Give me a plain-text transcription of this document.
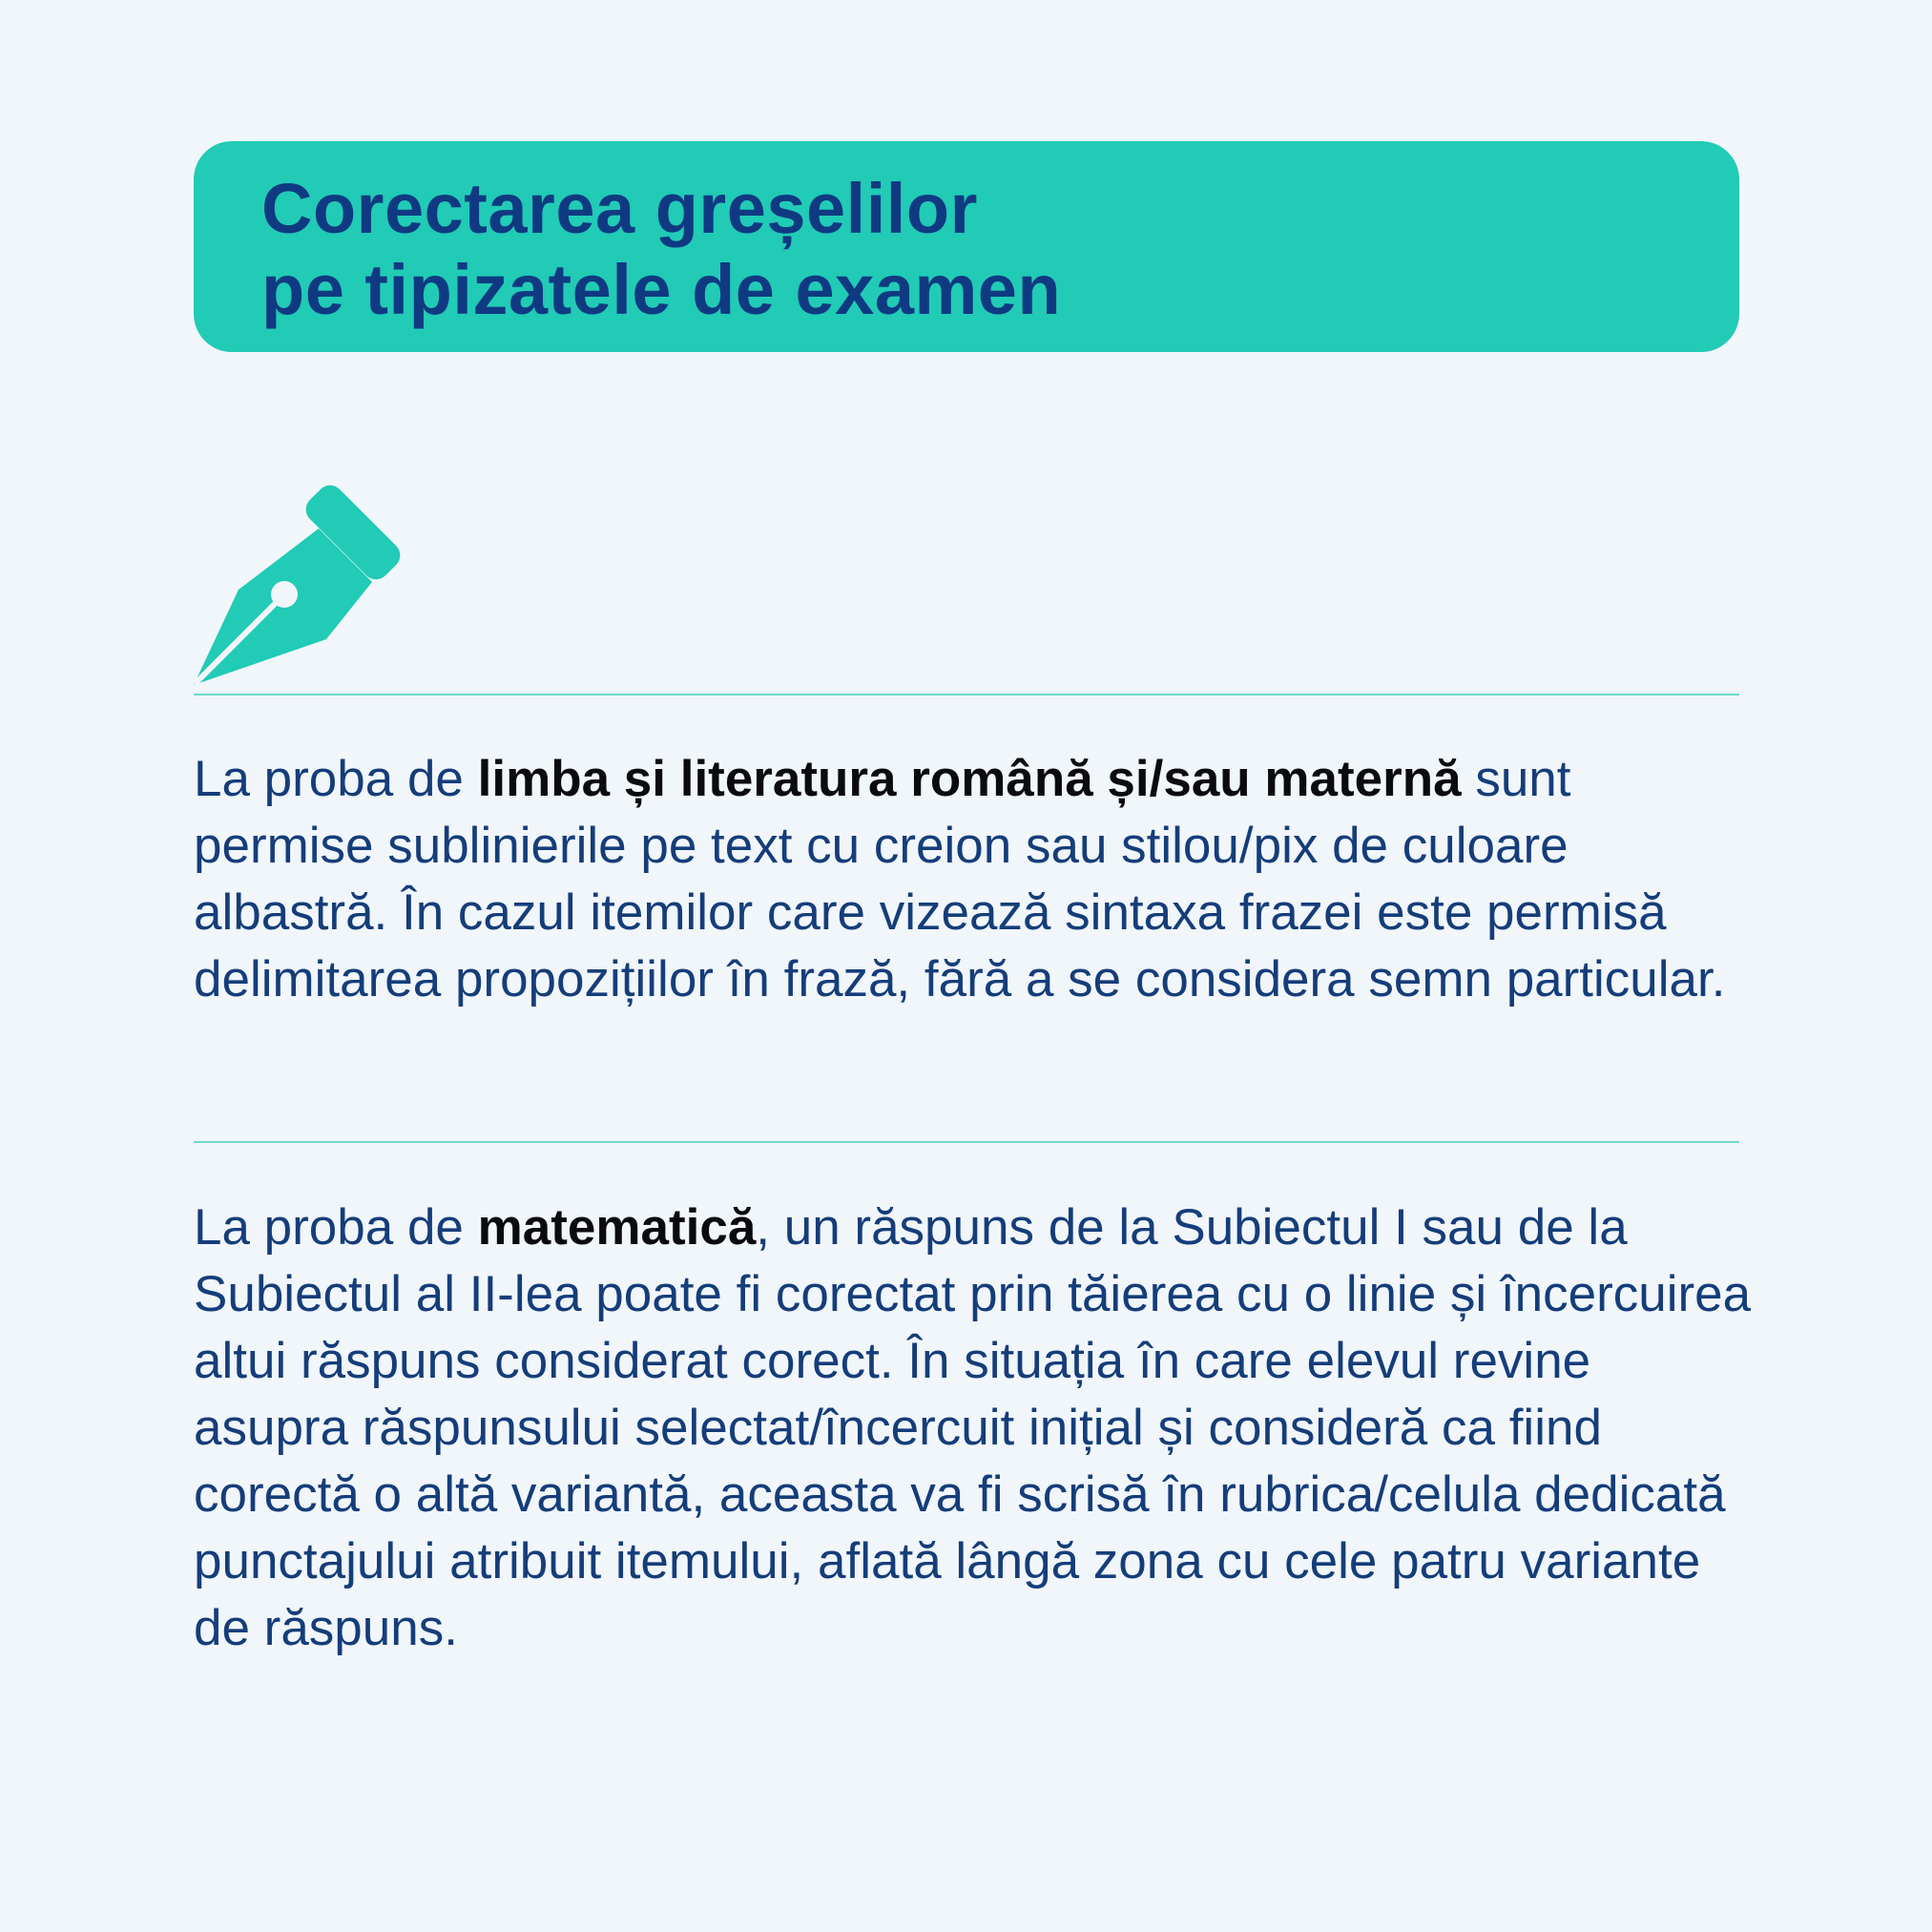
Corectarea greșelilor
pe tipizatele de examen

La proba de limba și literatura română și/sau maternă sunt permise sublinierile pe text cu creion sau stilou/pix de culoare albastră. În cazul itemilor care vizează sintaxa frazei este permisă delimitarea propozițiilor în frază, fără a se considera semn particular.

La proba de matematică, un răspuns de la Subiectul I sau de la Subiectul al II-lea poate fi corectat prin tăierea cu o linie și încercuirea altui răspuns considerat corect. În situația în care elevul revine asupra răspunsului selectat/încercuit inițial și consideră ca fiind corectă o altă variantă, aceasta va fi scrisă în rubrica/celula dedicată punctajului atribuit itemului, aflată lângă zona cu cele patru variante de răspuns.
